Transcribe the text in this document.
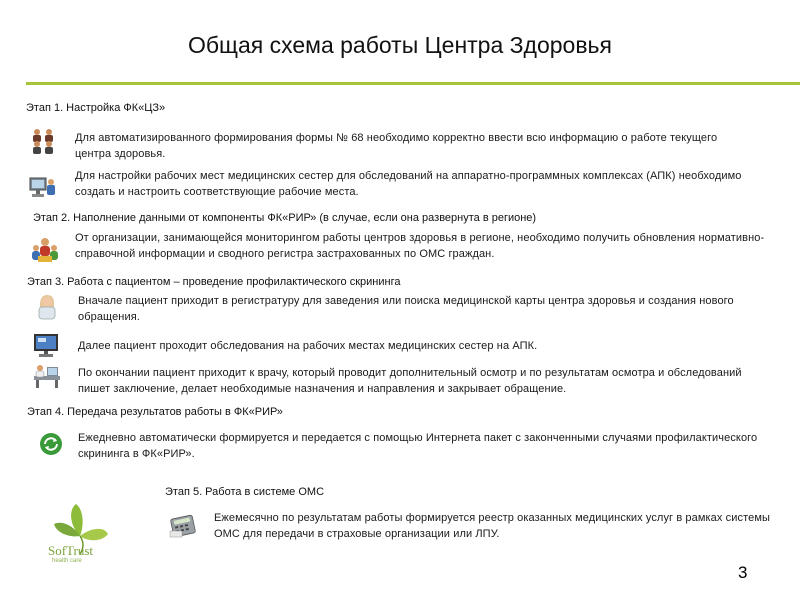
Общая схема работы Центра Здоровья
Этап 1. Настройка ФК«ЦЗ»
Для автоматизированного формирования формы № 68 необходимо корректно ввести всю информацию о работе текущего центра здоровья.
Для настройки рабочих мест медицинских сестер для обследований на аппаратно-программных комплексах (АПК) необходимо создать и настроить соответствующие рабочие места.
Этап 2. Наполнение данными от компоненты ФК«РИР» (в случае, если она развернута в регионе)
От организации, занимающейся мониторингом работы центров здоровья в регионе, необходимо получить обновления нормативно-справочной информации и сводного регистра застрахованных по ОМС граждан.
Этап 3. Работа с пациентом – проведение профилактического скрининга
Вначале пациент приходит в регистратуру для заведения или поиска медицинской карты центра здоровья и создания нового обращения.
Далее пациент проходит обследования на рабочих местах медицинских сестер на АПК.
По окончании пациент приходит к врачу, который проводит дополнительный осмотр и по результатам осмотра и обследований пишет заключение, делает необходимые назначения и направления и закрывает обращение.
Этап 4. Передача результатов работы в ФК«РИР»
Ежедневно автоматически формируется и передается с помощью Интернета пакет с законченными случаями профилактического скрининга в ФК«РИР».
Этап 5. Работа в системе ОМС
Ежемесячно по результатам работы формируется реестр оказанных медицинских услуг в рамках системы ОМС для передачи в страховые организации или ЛПУ.
SofTrust
health care
3
